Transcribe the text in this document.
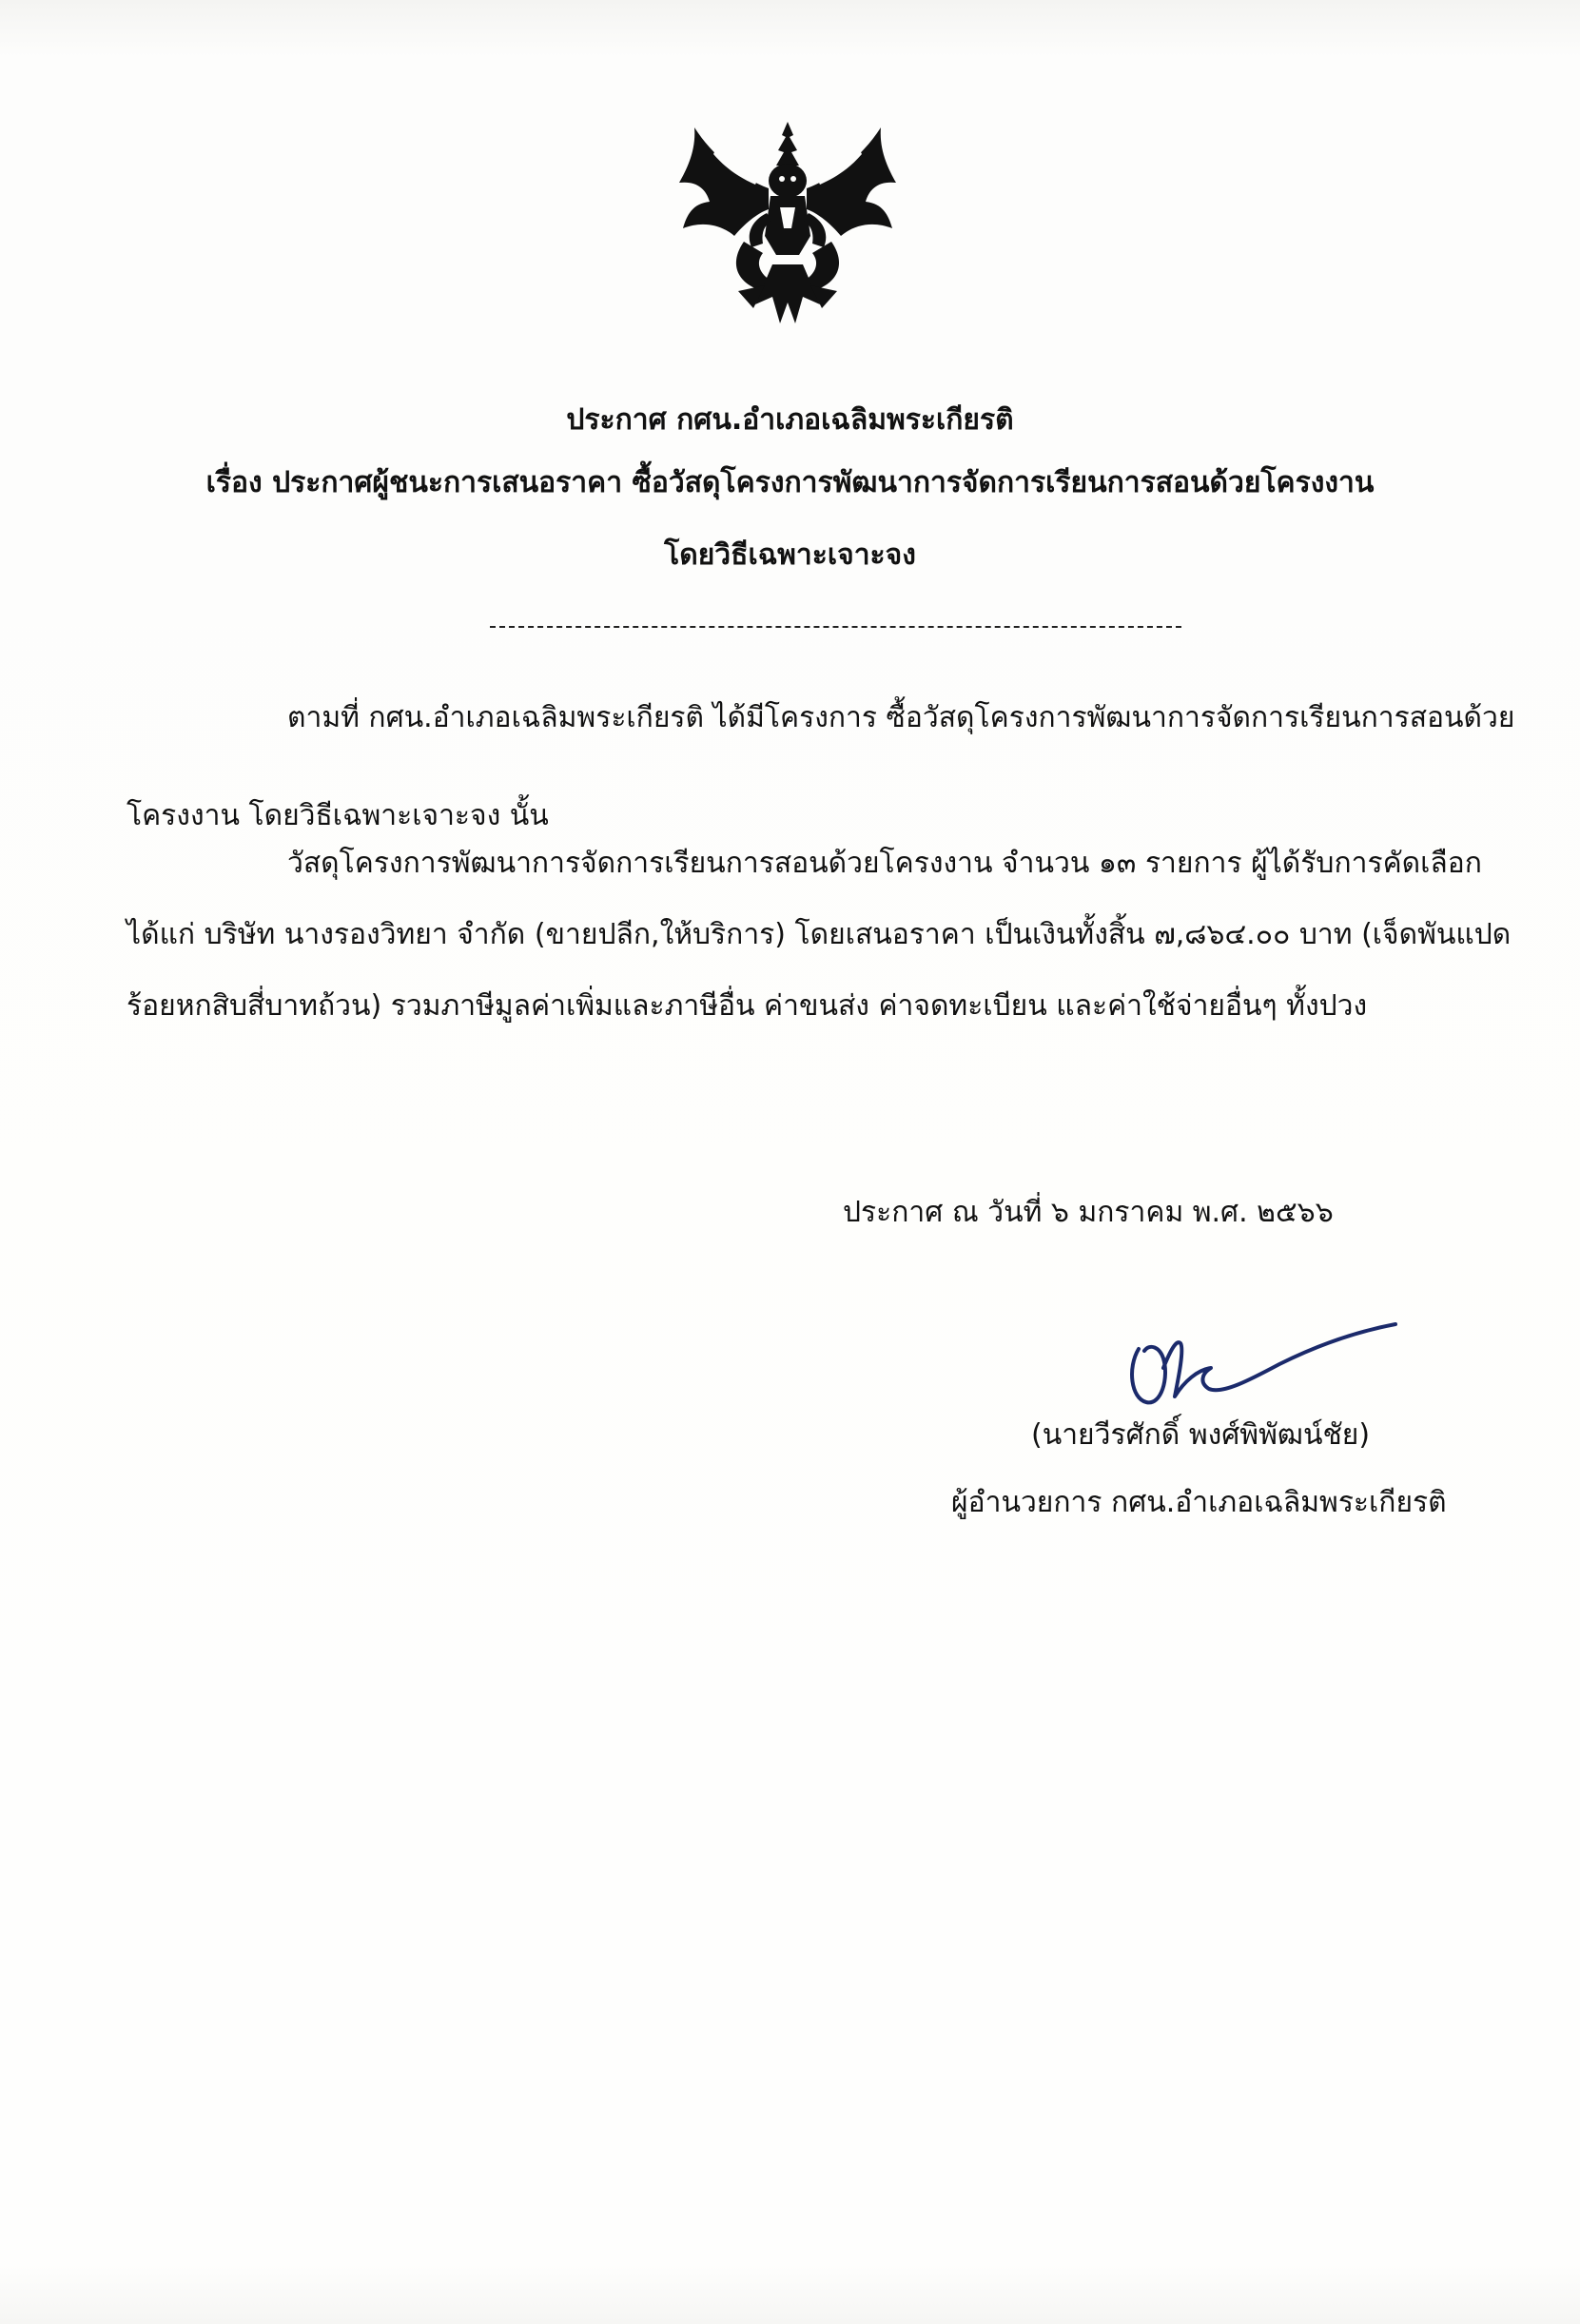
ประกาศ กศน.อำเภอเฉลิมพระเกียรติ
เรื่อง ประกาศผู้ชนะการเสนอราคา ซื้อวัสดุโครงการพัฒนาการจัดการเรียนการสอนด้วยโครงงาน
โดยวิธีเฉพาะเจาะจง
ตามที่ กศน.อำเภอเฉลิมพระเกียรติ ได้มีโครงการ ซื้อวัสดุโครงการพัฒนาการจัดการเรียนการสอนด้วย
โครงงาน โดยวิธีเฉพาะเจาะจง นั้น
วัสดุโครงการพัฒนาการจัดการเรียนการสอนด้วยโครงงาน จำนวน ๑๓ รายการ ผู้ได้รับการคัดเลือก
ได้แก่ บริษัท นางรองวิทยา จำกัด (ขายปลีก,ให้บริการ) โดยเสนอราคา เป็นเงินทั้งสิ้น ๗,๘๖๔.๐๐ บาท (เจ็ดพันแปด
ร้อยหกสิบสี่บาทถ้วน) รวมภาษีมูลค่าเพิ่มและภาษีอื่น ค่าขนส่ง ค่าจดทะเบียน และค่าใช้จ่ายอื่นๆ ทั้งปวง
ประกาศ ณ วันที่ ๖ มกราคม พ.ศ. ๒๕๖๖
(นายวีรศักดิ์ พงศ์พิพัฒน์ชัย)
ผู้อำนวยการ กศน.อำเภอเฉลิมพระเกียรติ
